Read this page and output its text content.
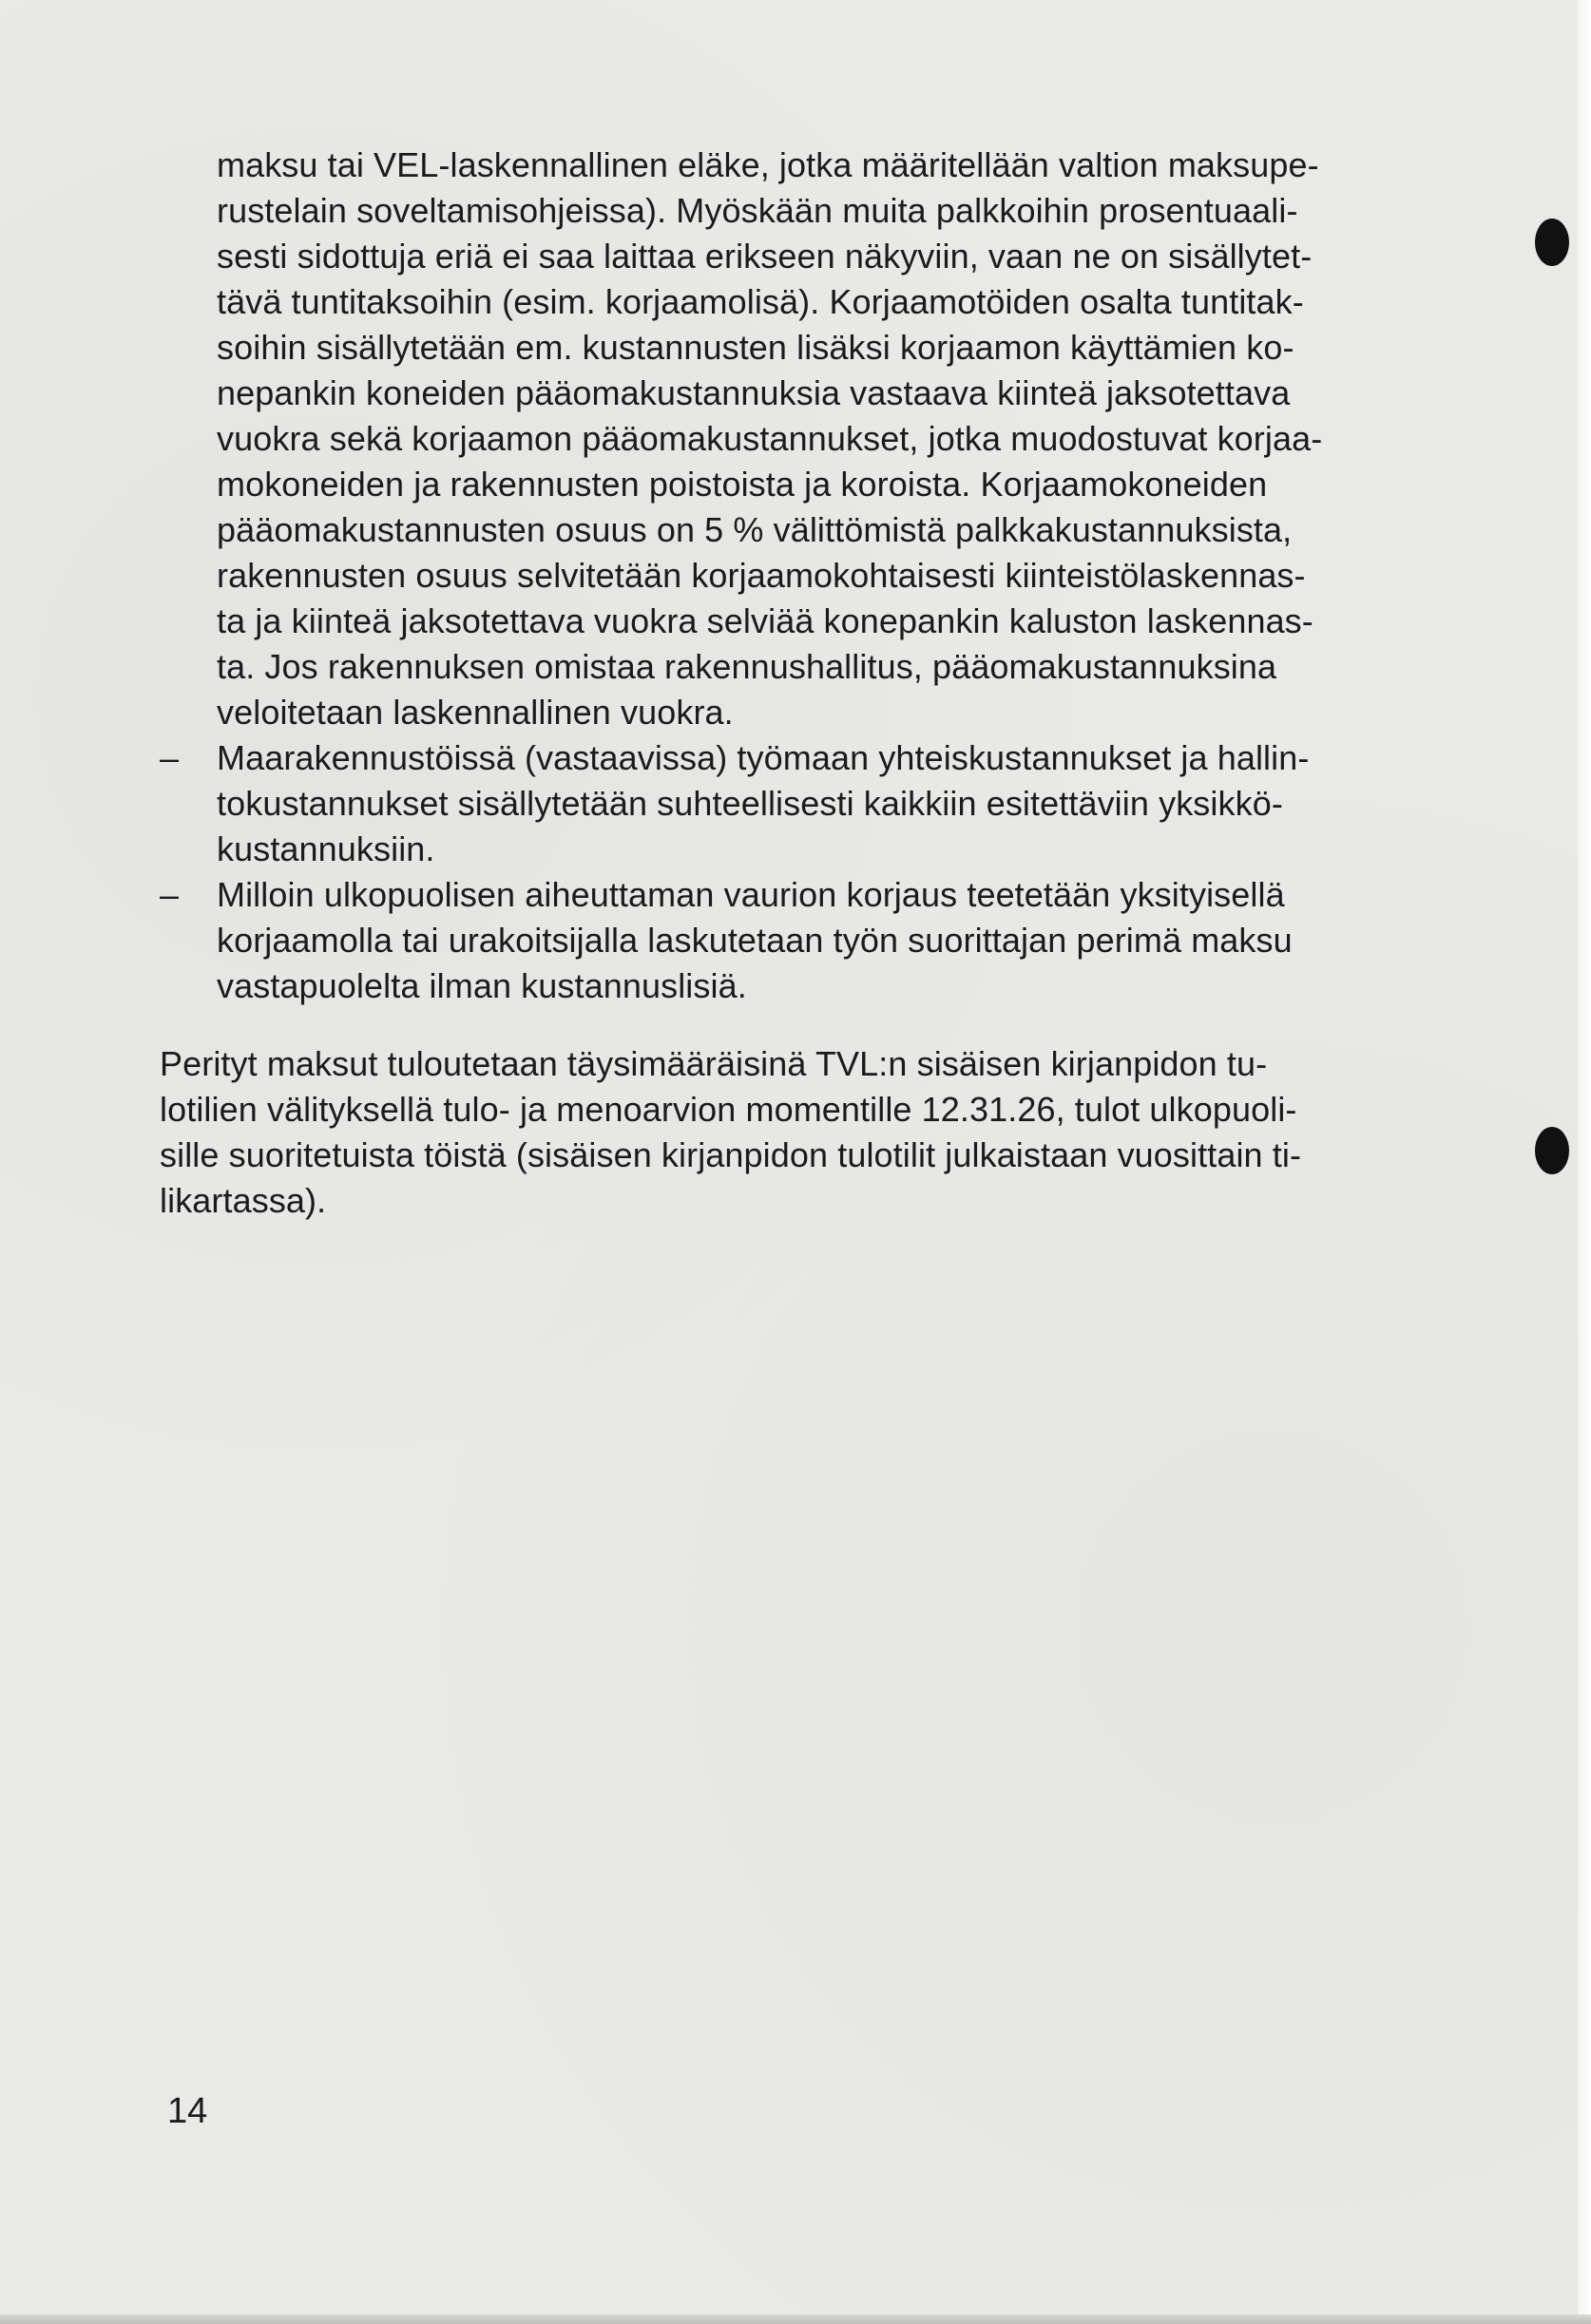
maksu tai VEL-laskennallinen eläke, jotka määritellään valtion maksupe-
rustelain soveltamisohjeissa). Myöskään muita palkkoihin prosentuaali-
sesti sidottuja eriä ei saa laittaa erikseen näkyviin, vaan ne on sisällytet-
tävä tuntitaksoihin (esim. korjaamolisä). Korjaamotöiden osalta tuntitak-
soihin sisällytetään em. kustannusten lisäksi korjaamon käyttämien ko-
nepankin koneiden pääomakustannuksia vastaava kiinteä jaksotettava
vuokra sekä korjaamon pääomakustannukset, jotka muodostuvat korjaa-
mokoneiden ja rakennusten poistoista ja koroista. Korjaamokoneiden
pääomakustannusten osuus on 5 % välittömistä palkkakustannuksista,
rakennusten osuus selvitetään korjaamokohtaisesti kiinteistölaskennas-
ta ja kiinteä jaksotettava vuokra selviää konepankin kaluston laskennas-
ta. Jos rakennuksen omistaa rakennushallitus, pääomakustannuksina
veloitetaan laskennallinen vuokra.
– Maarakennustöissä (vastaavissa) työmaan yhteiskustannukset ja hallin-
tokustannukset sisällytetään suhteellisesti kaikkiin esitettäviin yksikkö-
kustannuksiin.
– Milloin ulkopuolisen aiheuttaman vaurion korjaus teetetään yksityisellä
korjaamolla tai urakoitsijalla laskutetaan työn suorittajan perimä maksu
vastapuolelta ilman kustannuslisiä.
Perityt maksut tuloutetaan täysimääräisinä TVL:n sisäisen kirjanpidon tu-
lotilien välityksellä tulo- ja menoarvion momentille 12.31.26, tulot ulkopuoli-
sille suoritetuista töistä (sisäisen kirjanpidon tulotilit julkaistaan vuosittain ti-
likartassa).
14
